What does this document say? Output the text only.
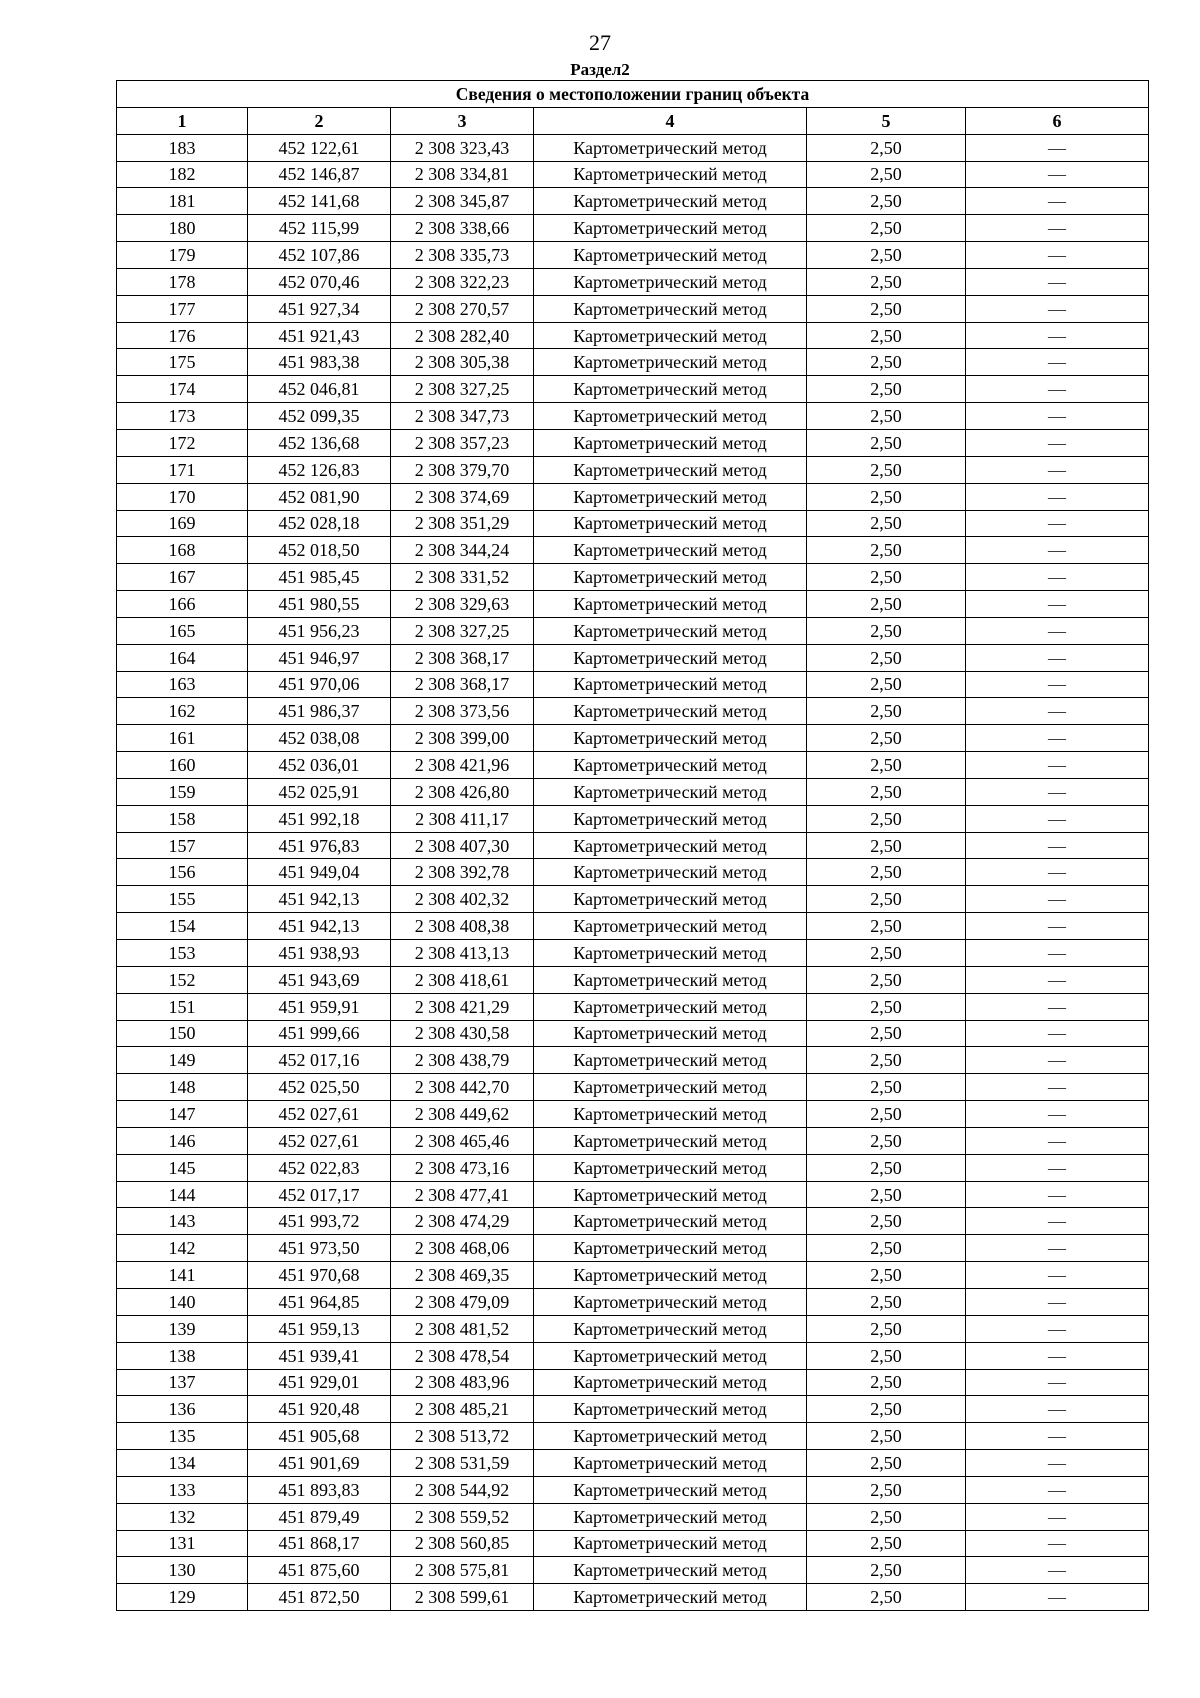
27
Раздел2
Сведения о местоположении границ объекта					
1	2	3	4	5	6
183	452 122,61	2 308 323,43	Картометрический метод	2,50	—
182	452 146,87	2 308 334,81	Картометрический метод	2,50	—
181	452 141,68	2 308 345,87	Картометрический метод	2,50	—
180	452 115,99	2 308 338,66	Картометрический метод	2,50	—
179	452 107,86	2 308 335,73	Картометрический метод	2,50	—
178	452 070,46	2 308 322,23	Картометрический метод	2,50	—
177	451 927,34	2 308 270,57	Картометрический метод	2,50	—
176	451 921,43	2 308 282,40	Картометрический метод	2,50	—
175	451 983,38	2 308 305,38	Картометрический метод	2,50	—
174	452 046,81	2 308 327,25	Картометрический метод	2,50	—
173	452 099,35	2 308 347,73	Картометрический метод	2,50	—
172	452 136,68	2 308 357,23	Картометрический метод	2,50	—
171	452 126,83	2 308 379,70	Картометрический метод	2,50	—
170	452 081,90	2 308 374,69	Картометрический метод	2,50	—
169	452 028,18	2 308 351,29	Картометрический метод	2,50	—
168	452 018,50	2 308 344,24	Картометрический метод	2,50	—
167	451 985,45	2 308 331,52	Картометрический метод	2,50	—
166	451 980,55	2 308 329,63	Картометрический метод	2,50	—
165	451 956,23	2 308 327,25	Картометрический метод	2,50	—
164	451 946,97	2 308 368,17	Картометрический метод	2,50	—
163	451 970,06	2 308 368,17	Картометрический метод	2,50	—
162	451 986,37	2 308 373,56	Картометрический метод	2,50	—
161	452 038,08	2 308 399,00	Картометрический метод	2,50	—
160	452 036,01	2 308 421,96	Картометрический метод	2,50	—
159	452 025,91	2 308 426,80	Картометрический метод	2,50	—
158	451 992,18	2 308 411,17	Картометрический метод	2,50	—
157	451 976,83	2 308 407,30	Картометрический метод	2,50	—
156	451 949,04	2 308 392,78	Картометрический метод	2,50	—
155	451 942,13	2 308 402,32	Картометрический метод	2,50	—
154	451 942,13	2 308 408,38	Картометрический метод	2,50	—
153	451 938,93	2 308 413,13	Картометрический метод	2,50	—
152	451 943,69	2 308 418,61	Картометрический метод	2,50	—
151	451 959,91	2 308 421,29	Картометрический метод	2,50	—
150	451 999,66	2 308 430,58	Картометрический метод	2,50	—
149	452 017,16	2 308 438,79	Картометрический метод	2,50	—
148	452 025,50	2 308 442,70	Картометрический метод	2,50	—
147	452 027,61	2 308 449,62	Картометрический метод	2,50	—
146	452 027,61	2 308 465,46	Картометрический метод	2,50	—
145	452 022,83	2 308 473,16	Картометрический метод	2,50	—
144	452 017,17	2 308 477,41	Картометрический метод	2,50	—
143	451 993,72	2 308 474,29	Картометрический метод	2,50	—
142	451 973,50	2 308 468,06	Картометрический метод	2,50	—
141	451 970,68	2 308 469,35	Картометрический метод	2,50	—
140	451 964,85	2 308 479,09	Картометрический метод	2,50	—
139	451 959,13	2 308 481,52	Картометрический метод	2,50	—
138	451 939,41	2 308 478,54	Картометрический метод	2,50	—
137	451 929,01	2 308 483,96	Картометрический метод	2,50	—
136	451 920,48	2 308 485,21	Картометрический метод	2,50	—
135	451 905,68	2 308 513,72	Картометрический метод	2,50	—
134	451 901,69	2 308 531,59	Картометрический метод	2,50	—
133	451 893,83	2 308 544,92	Картометрический метод	2,50	—
132	451 879,49	2 308 559,52	Картометрический метод	2,50	—
131	451 868,17	2 308 560,85	Картометрический метод	2,50	—
130	451 875,60	2 308 575,81	Картометрический метод	2,50	—
129	451 872,50	2 308 599,61	Картометрический метод	2,50	—
